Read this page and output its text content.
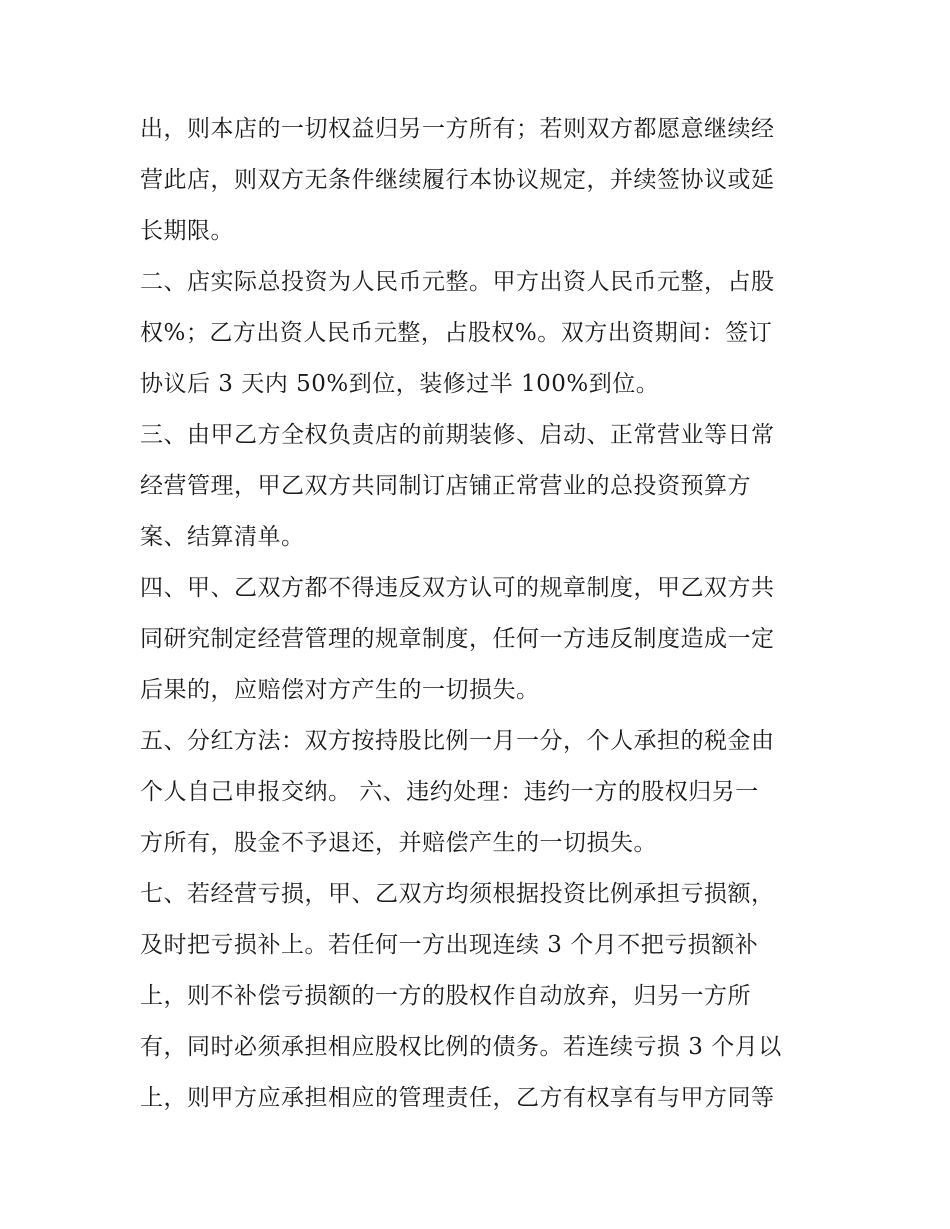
出，则本店的一切权益归另一方所有；若则双方都愿意继续经
营此店，则双方无条件继续履行本协议规定，并续签协议或延
长期限。
二、店实际总投资为人民币元整。甲方出资人民币元整，占股
权%；乙方出资人民币元整，占股权%。双方出资期间：签订
协议后 3 天内 50%到位，装修过半 100%到位。
三、由甲乙方全权负责店的前期装修、启动、正常营业等日常
经营管理，甲乙双方共同制订店铺正常营业的总投资预算方
案、结算清单。
四、甲、乙双方都不得违反双方认可的规章制度，甲乙双方共
同研究制定经营管理的规章制度，任何一方违反制度造成一定
后果的，应赔偿对方产生的一切损失。
五、分红方法：双方按持股比例一月一分，个人承担的税金由
个人自己申报交纳。 六、违约处理：违约一方的股权归另一
方所有，股金不予退还，并赔偿产生的一切损失。
七、若经营亏损，甲、乙双方均须根据投资比例承担亏损额，
及时把亏损补上。若任何一方出现连续 3 个月不把亏损额补
上，则不补偿亏损额的一方的股权作自动放弃，归另一方所
有，同时必须承担相应股权比例的债务。若连续亏损 3 个月以
上，则甲方应承担相应的管理责任，乙方有权享有与甲方同等
